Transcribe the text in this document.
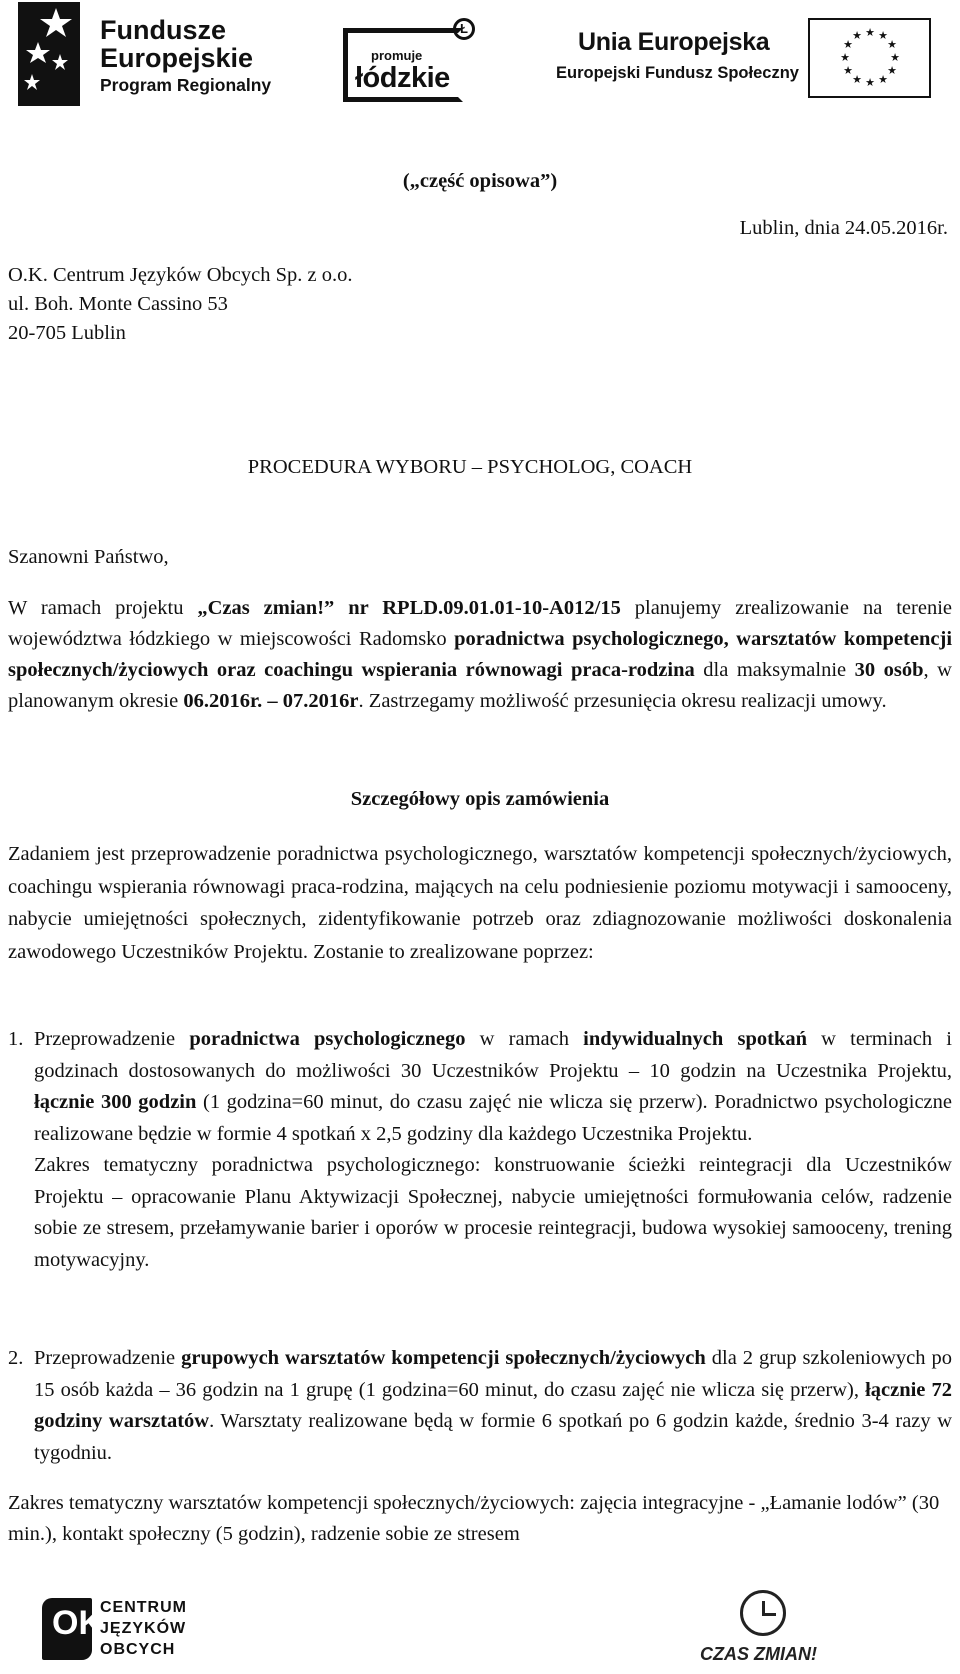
Fundusze
Europejskie
Program Regionalny
Ł
promuje
łódzkie
Unia Europejska
Europejski Fundusz Społeczny
★ ★
★
★
★
★
★
★
★
★
★
★
(„część opisowa”)
Lublin, dnia 24.05.2016r.
O.K. Centrum Języków Obcych Sp. z o.o.
ul. Boh. Monte Cassino 53
20-705 Lublin
PROCEDURA WYBORU – PSYCHOLOG, COACH
Szanowni Państwo,
W ramach projektu „Czas zmian!” nr RPLD.09.01.01-10-A012/15 planujemy zrealizowanie na terenie województwa łódzkiego w miejscowości Radomsko poradnictwa psychologicznego, warsztatów kompetencji społecznych/życiowych oraz coachingu wspierania równowagi praca-rodzina dla maksymalnie 30 osób, w planowanym okresie 06.2016r. – 07.2016r. Zastrzegamy możliwość przesunięcia okresu realizacji umowy.
Szczegółowy opis zamówienia
Zadaniem jest przeprowadzenie poradnictwa psychologicznego, warsztatów kompetencji społecznych/życiowych, coachingu wspierania równowagi praca-rodzina, mających na celu podniesienie poziomu motywacji i samooceny, nabycie umiejętności społecznych, zidentyfikowanie potrzeb oraz zdiagnozowanie możliwości doskonalenia zawodowego Uczestników Projektu. Zostanie to zrealizowane poprzez:
1. Przeprowadzenie poradnictwa psychologicznego w ramach indywidualnych spotkań w terminach i godzinach dostosowanych do możliwości 30 Uczestników Projektu – 10 godzin na Uczestnika Projektu, łącznie 300 godzin (1 godzina=60 minut, do czasu zajęć nie wlicza się przerw). Poradnictwo psychologiczne realizowane będzie w formie 4 spotkań x 2,5 godziny dla każdego Uczestnika Projektu.
Zakres tematyczny poradnictwa psychologicznego: konstruowanie ścieżki reintegracji dla Uczestników Projektu – opracowanie Planu Aktywizacji Społecznej, nabycie umiejętności formułowania celów, radzenie sobie ze stresem, przełamywanie barier i oporów w procesie reintegracji, budowa wysokiej samooceny, trening motywacyjny.
2. Przeprowadzenie grupowych warsztatów kompetencji społecznych/życiowych dla 2 grup szkoleniowych po 15 osób każda – 36 godzin na 1 grupę (1 godzina=60 minut, do czasu zajęć nie wlicza się przerw), łącznie 72 godziny warsztatów. Warsztaty realizowane będą w formie 6 spotkań po 6 godzin każde, średnio 3-4 razy w tygodniu.
Zakres tematyczny warsztatów kompetencji społecznych/życiowych: zajęcia integracyjne - „Łamanie lodów” (30 min.), kontakt społeczny (5 godzin), radzenie sobie ze stresem
OK
CENTRUM
JĘZYKÓW
OBCYCH	CZAS ZMIAN!
